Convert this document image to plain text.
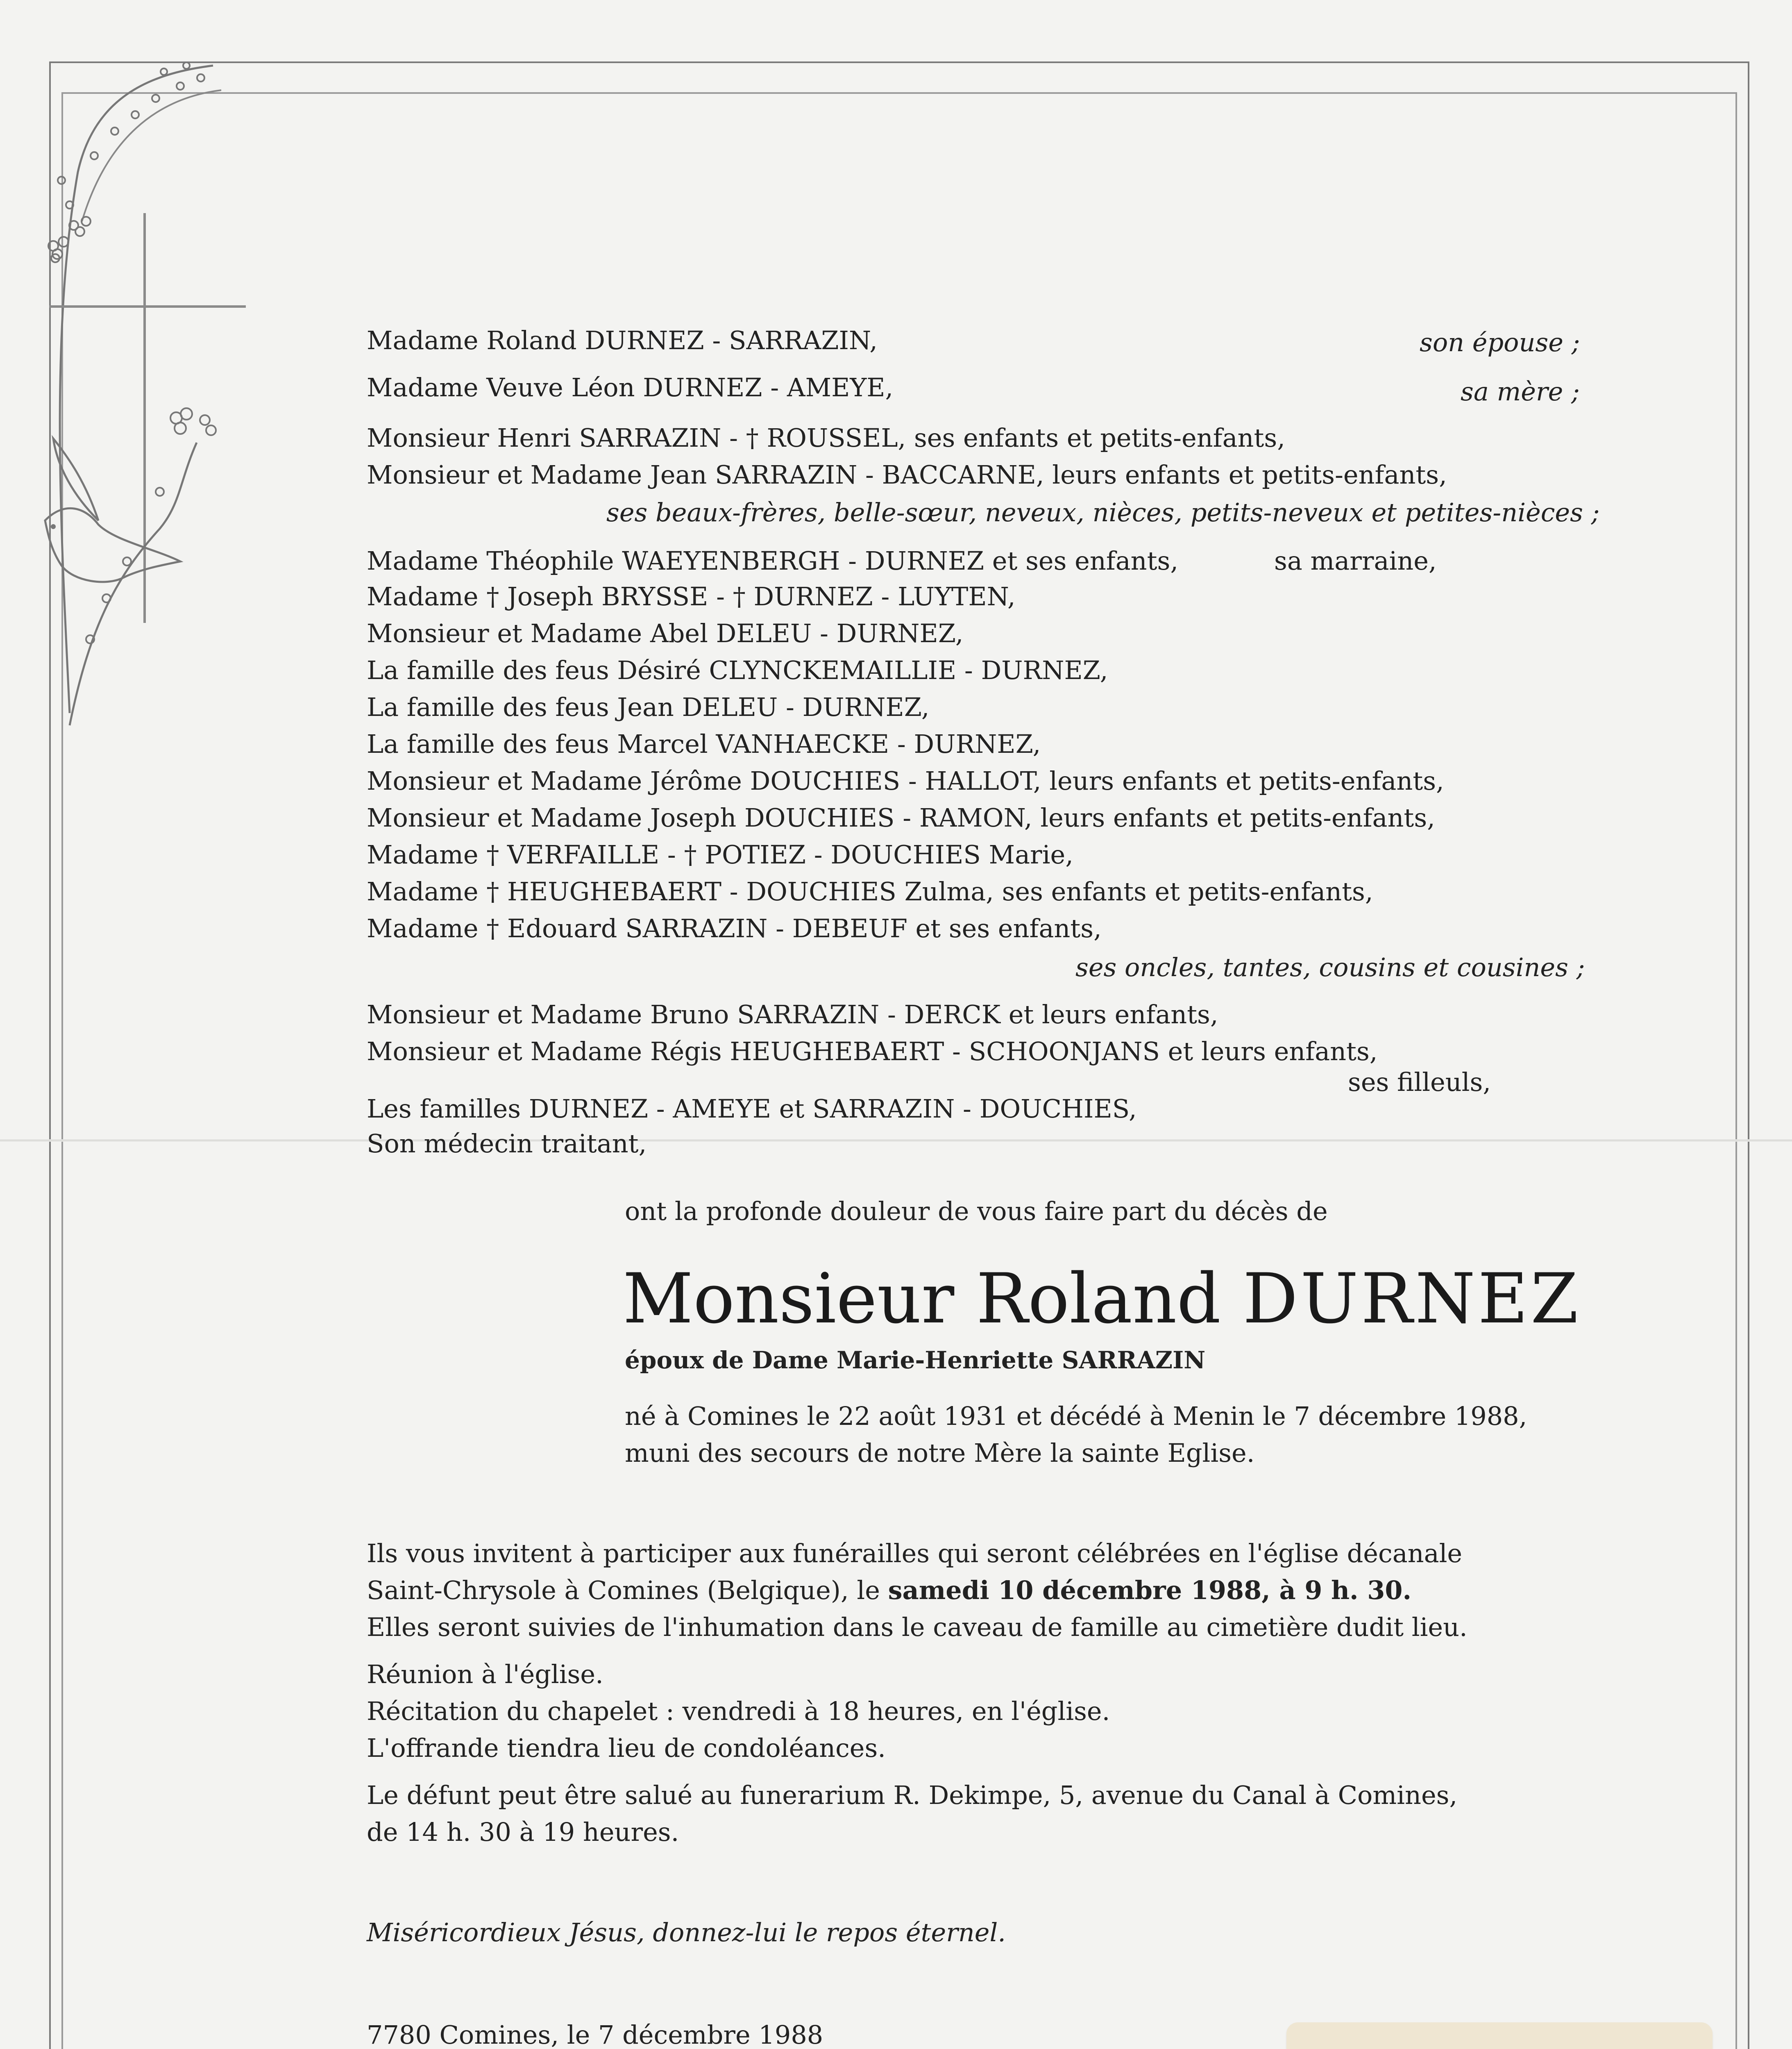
Madame Roland DURNEZ - SARRAZIN,	son épouse ;
Madame Veuve Léon DURNEZ - AMEYE,	sa mère ;
Monsieur Henri SARRAZIN - † ROUSSEL, ses enfants et petits-enfants,
Monsieur et Madame Jean SARRAZIN - BACCARNE, leurs enfants et petits-enfants,
ses beaux-frères, belle-sœur, neveux, nièces, petits-neveux et petites-nièces ;
Madame Théophile WAEYENBERGH - DURNEZ et ses enfants,	sa marraine,
Madame † Joseph BRYSSE - † DURNEZ - LUYTEN,
Monsieur et Madame Abel DELEU - DURNEZ,
La famille des feus Désiré CLYNCKEMAILLIE - DURNEZ,
La famille des feus Jean DELEU - DURNEZ,
La famille des feus Marcel VANHAECKE - DURNEZ,
Monsieur et Madame Jérôme DOUCHIES - HALLOT, leurs enfants et petits-enfants,
Monsieur et Madame Joseph DOUCHIES - RAMON, leurs enfants et petits-enfants,
Madame † VERFAILLE - † POTIEZ - DOUCHIES Marie,
Madame † HEUGHEBAERT - DOUCHIES Zulma, ses enfants et petits-enfants,
Madame † Edouard SARRAZIN - DEBEUF et ses enfants,
ses oncles, tantes, cousins et cousines ;
Monsieur et Madame Bruno SARRAZIN - DERCK et leurs enfants,
Monsieur et Madame Régis HEUGHEBAERT - SCHOONJANS et leurs enfants,
ses filleuls,
Les familles DURNEZ - AMEYE et SARRAZIN - DOUCHIES,
Son médecin traitant,
ont la profonde douleur de vous faire part du décès de
Monsieur Roland DURNEZ
époux de Dame Marie-Henriette SARRAZIN
né à Comines le 22 août 1931 et décédé à Menin le 7 décembre 1988,
muni des secours de notre Mère la sainte Eglise.
Ils vous invitent à participer aux funérailles qui seront célébrées en l'église décanale
Saint-Chrysole à Comines (Belgique), le samedi 10 décembre 1988, à 9 h. 30.
Elles seront suivies de l'inhumation dans le caveau de famille au cimetière dudit lieu.
Réunion à l'église.
Récitation du chapelet : vendredi à 18 heures, en l'église.
L'offrande tiendra lieu de condoléances.
Le défunt peut être salué au funerarium R. Dekimpe, 5, avenue du Canal à Comines,
de 14 h. 30 à 19 heures.
Miséricordieux Jésus, donnez-lui le repos éternel.
7780 Comines, le 7 décembre 1988
